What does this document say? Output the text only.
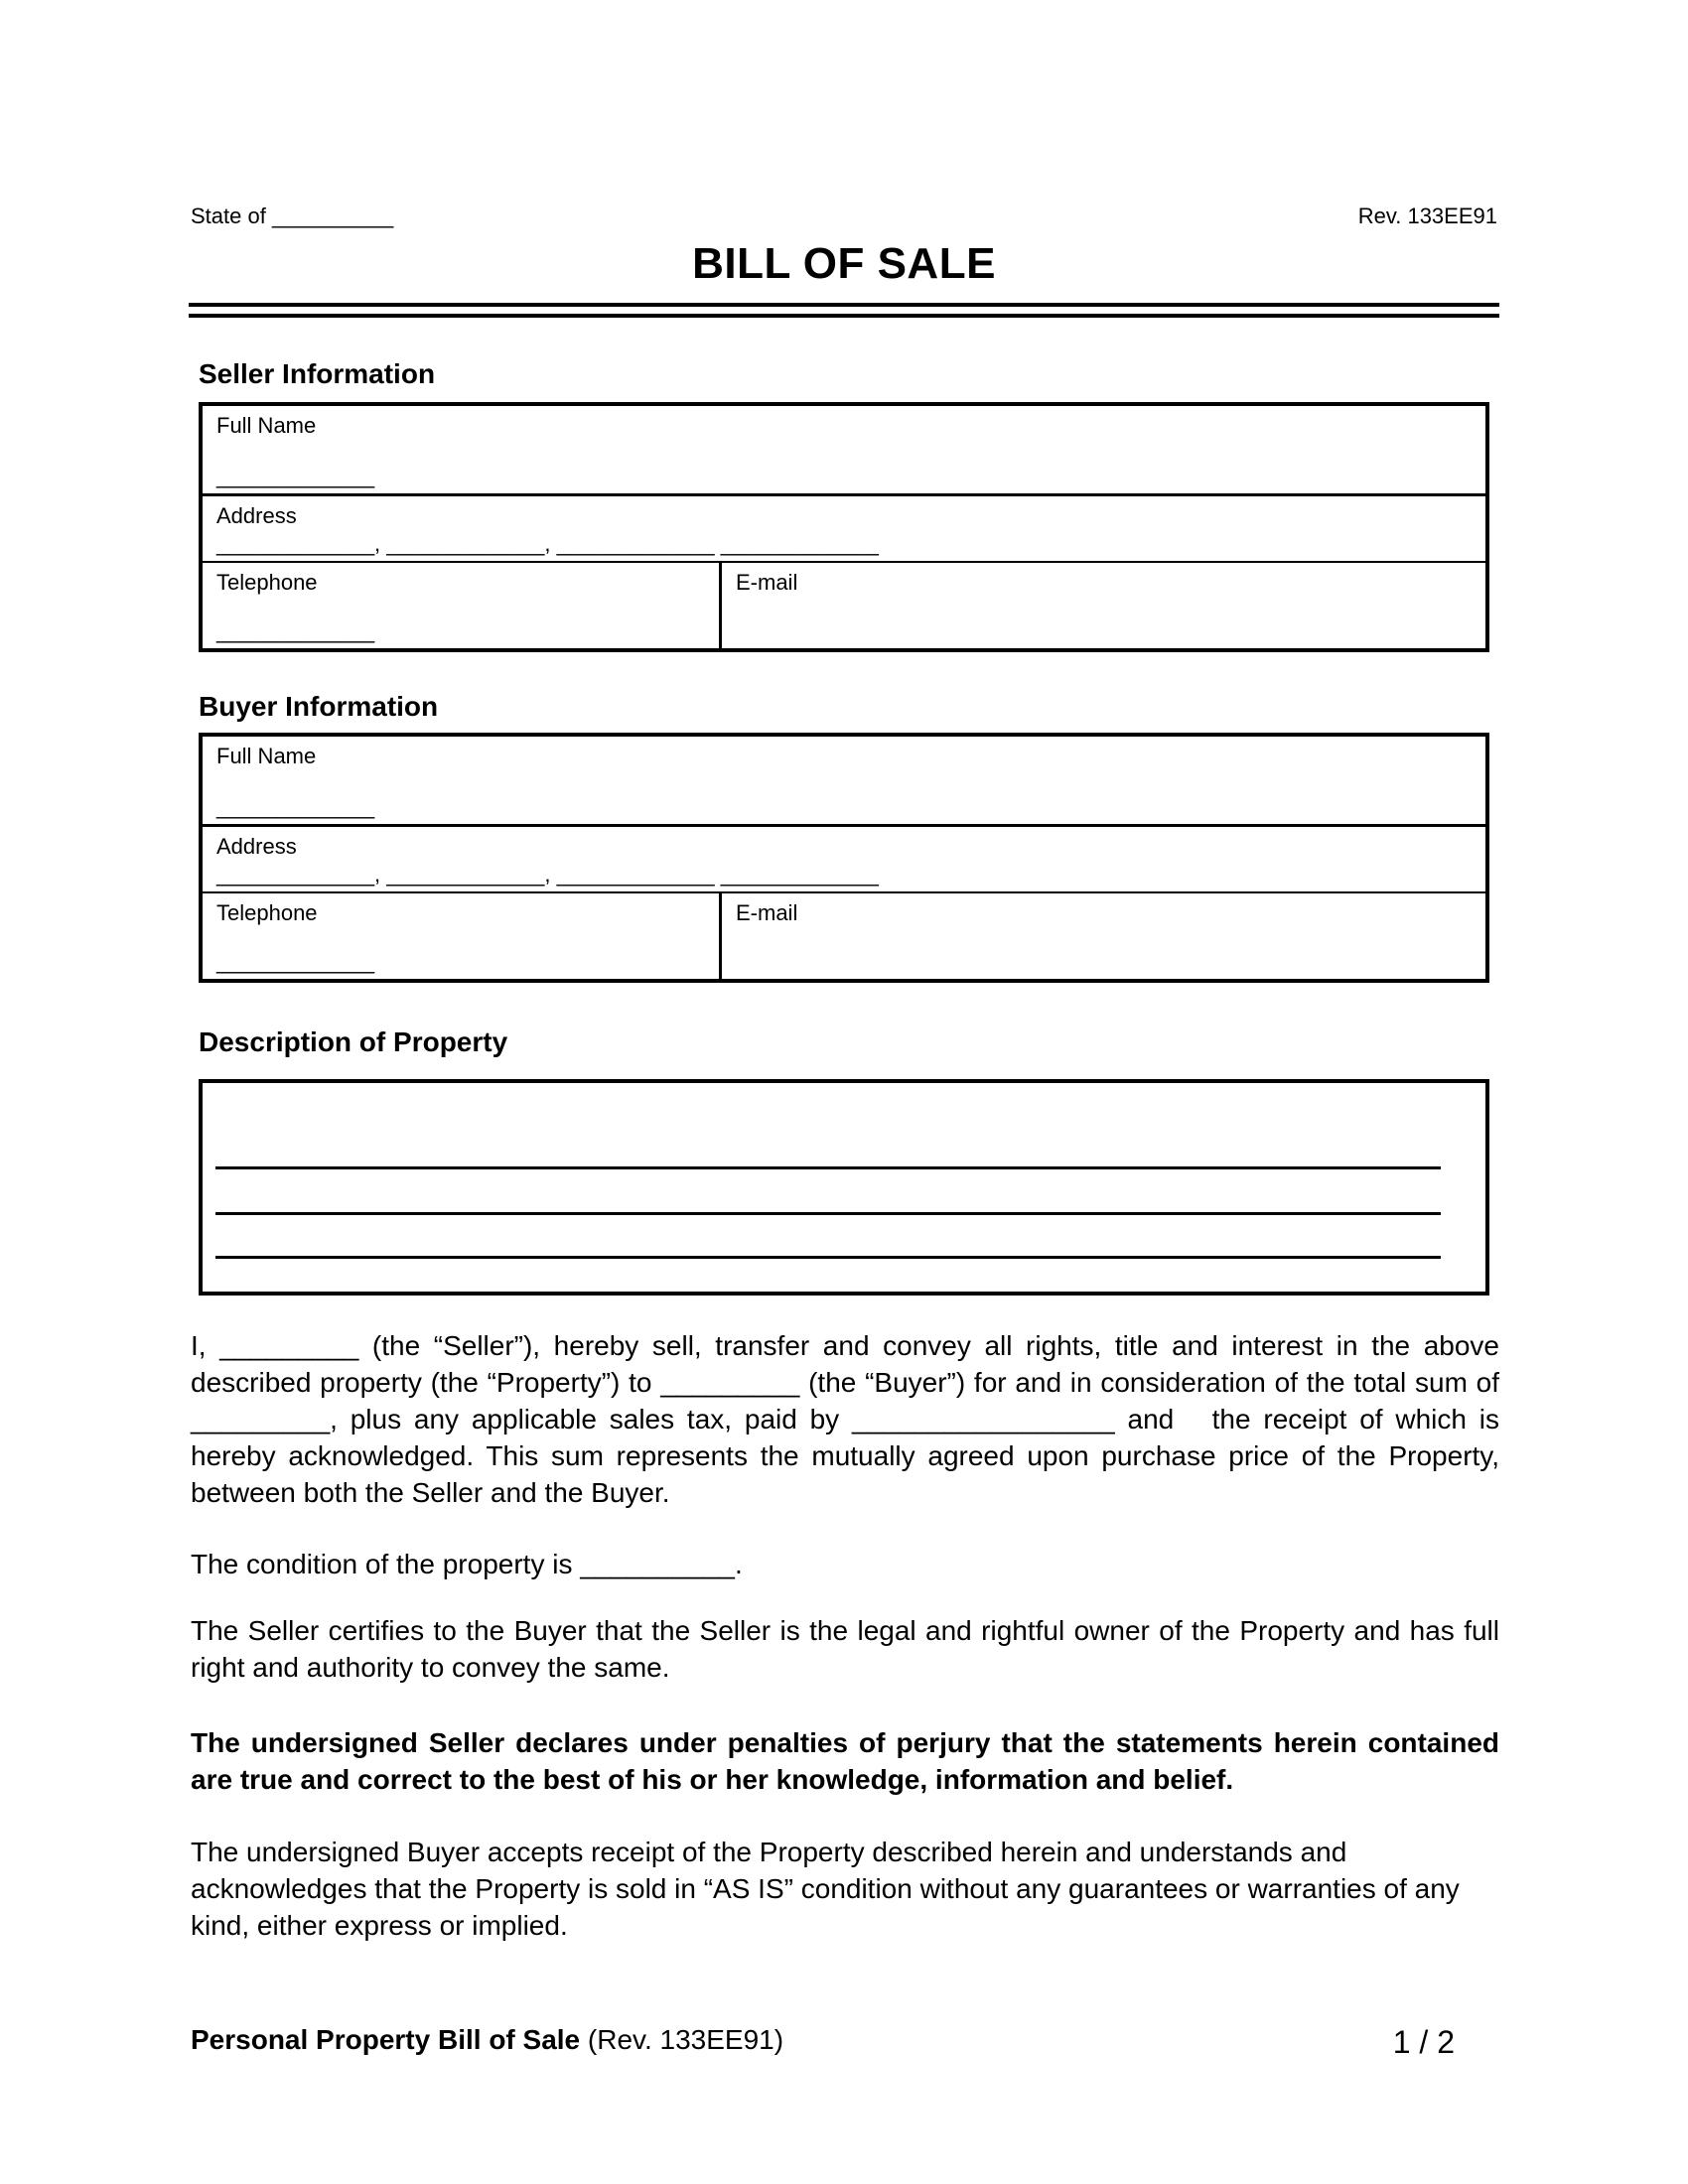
State of __________	Rev. 133EE91
BILL OF SALE
Seller Information
Full Name
_____________
Address
_____________, _____________, _____________ _____________
Telephone
_____________
E-mail
Buyer Information
Full Name
_____________
Address
_____________, _____________, _____________ _____________
Telephone
_____________
E-mail
Description of Property
I, _________ (the “Seller”), hereby sell, transfer and convey all rights, title and interest in the above described property (the “Property”) to _________ (the “Buyer”) for and in consideration of the total sum of _________, plus any applicable sales tax, paid by _________________ and   the receipt of which is hereby acknowledged. This sum represents the mutually agreed upon purchase price of the Property, between both the Seller and the Buyer.
The condition of the property is __________.
The Seller certifies to the Buyer that the Seller is the legal and rightful owner of the Property and has full right and authority to convey the same.
The undersigned Seller declares under penalties of perjury that the statements herein contained are true and correct to the best of his or her knowledge, information and belief.
The undersigned Buyer accepts receipt of the Property described herein and understands and acknowledges that the Property is sold in “AS IS” condition without any guarantees or warranties of any kind, either express or implied.
Personal Property Bill of Sale (Rev. 133EE91)	1 / 2
